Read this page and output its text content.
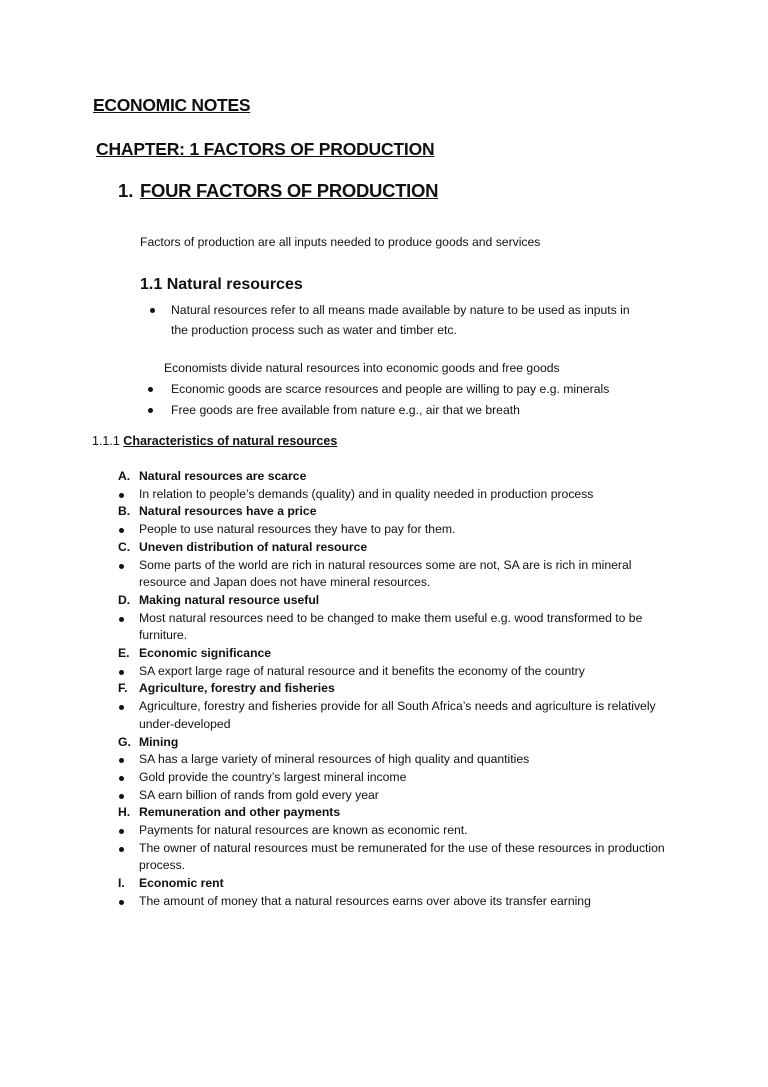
ECONOMIC NOTES
CHAPTER: 1 FACTORS OF PRODUCTION
1. FOUR FACTORS OF PRODUCTION
Factors of production are all inputs needed to produce goods and services
1.1 Natural resources
Natural resources refer to all means made available by nature to be used as inputs in
the production process such as water and timber etc.
Economists divide natural resources into economic goods and free goods
Economic goods are scarce resources and people are willing to pay e.g. minerals
Free goods are free available from nature e.g., air that we breath
1.1.1 Characteristics of natural resources
A. Natural resources are scarce
In relation to people’s demands (quality) and in quality needed in production process
B. Natural resources have a price
People to use natural resources they have to pay for them.
C. Uneven distribution of natural resource
Some parts of the world are rich in natural resources some are not, SA are is rich in mineral resource and Japan does not have mineral resources.
D. Making natural resource useful
Most natural resources need to be changed to make them useful e.g. wood transformed to be furniture.
E. Economic significance
SA export large rage of natural resource and it benefits the economy of the country
F. Agriculture, forestry and fisheries
Agriculture, forestry and fisheries provide for all South Africa’s needs and agriculture is relatively under-developed
G. Mining
SA has a large variety of mineral resources of high quality and quantities
Gold provide the country’s largest mineral income
SA earn billion of rands from gold every year
H. Remuneration and other payments
Payments for natural resources are known as economic rent.
The owner of natural resources must be remunerated for the use of these resources in production process.
I. Economic rent
The amount of money that a natural resources earns over above its transfer earning
